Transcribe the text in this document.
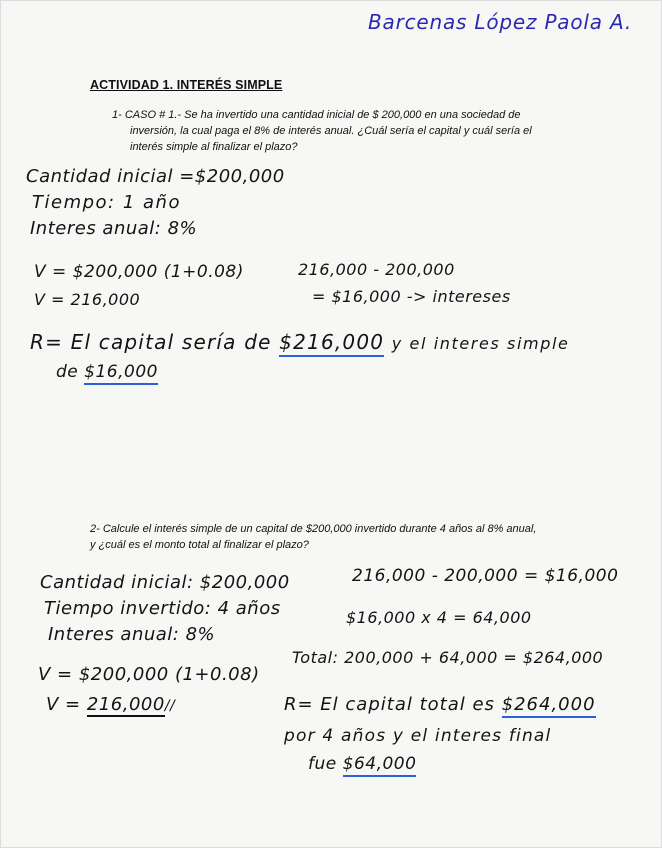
Barcenas López Paola A.
ACTIVIDAD 1. INTERÉS SIMPLE
1- CASO # 1.- Se ha invertido una cantidad inicial de $ 200,000 en una sociedad de
inversión, la cual paga el 8% de interés anual. ¿Cuál sería el capital y cuál sería el
interés simple al finalizar el plazo?
Cantidad inicial =$200,000
Tiempo: 1 año
Interes anual: 8%
V = $200,000 (1+0.08)
V = 216,000
216,000 - 200,000
= $16,000 -> intereses
R= El capital sería de $216,000 y el interes simple
de $16,000
2- Calcule el interés simple de un capital de $200,000 invertido durante 4 años al 8% anual,
y ¿cuál es el monto total al finalizar el plazo?
Cantidad inicial: $200,000
Tiempo invertido: 4 años
Interes anual: 8%
216,000 - 200,000 = $16,000
$16,000 x 4 = 64,000
Total: 200,000 + 64,000 = $264,000
V = $200,000 (1+0.08)
V = 216,000//	R= El capital total es $264,000
por 4 años y el interes final
fue $64,000
